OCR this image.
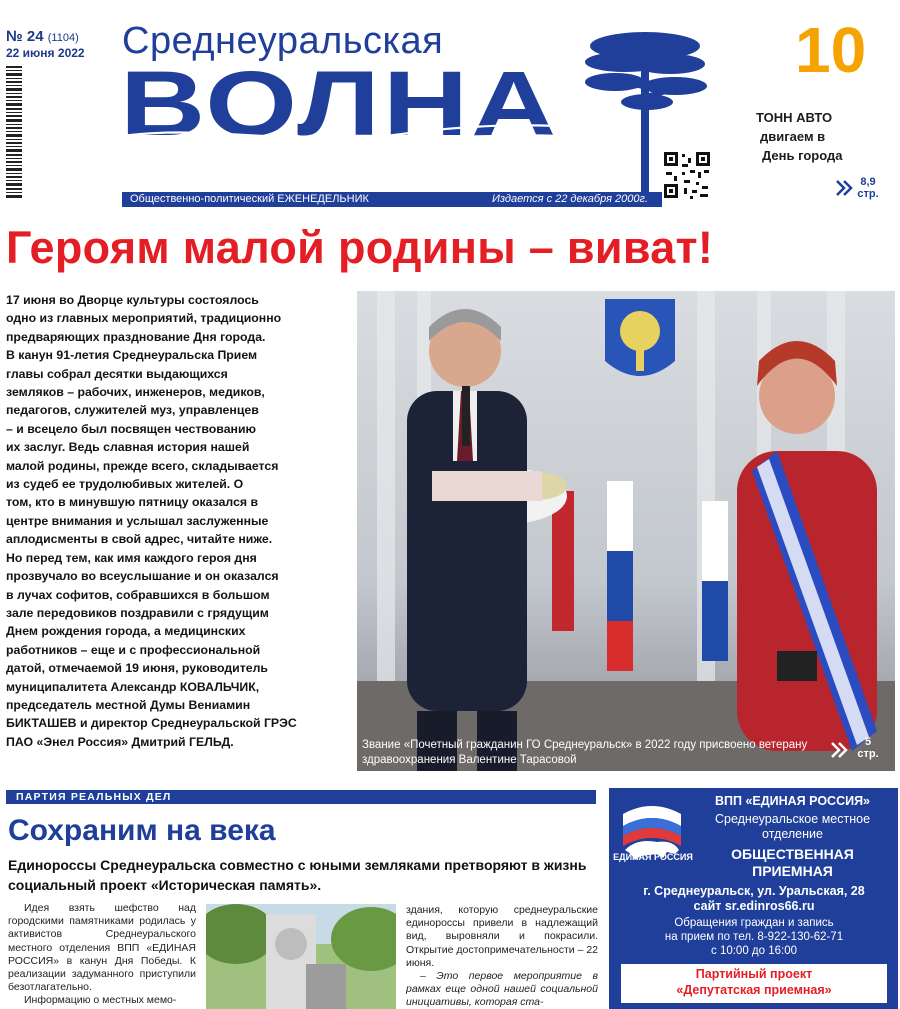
№ 24 (1104)
22 июня 2022 Среднеуральская
ВОЛНА
Общественно-политический ЕЖЕНЕДЕЛЬНИК	Издается с 22 декабря 2000г.
10
ТОНН АВТО
двигаем в
День города
8,9
стр.
Героям малой родины – виват!

17 июня во Дворце культуры состоялось
одно из главных мероприятий, традиционно
предваряющих празднование Дня города.
В канун 91-летия Среднеуральска Прием
главы собрал десятки выдающихся
земляков – рабочих, инженеров, медиков,
педагогов, служителей муз, управленцев
– и всецело был посвящен чествованию
их заслуг. Ведь славная история нашей
малой родины, прежде всего, складывается
из судеб ее трудолюбивых жителей. О
том, кто в минувшую пятницу оказался в
центре внимания и услышал заслуженные
аплодисменты в свой адрес, читайте ниже.
Но перед тем, как имя каждого героя дня
прозвучало во всеуслышание и он оказался
в лучах софитов, собравшихся в большом
зале передовиков поздравили с грядущим
Днем рождения города, а медицинских
работников – еще и с профессиональной
датой, отмечаемой 19 июня, руководитель
муниципалитета Александр КОВАЛЬЧИК,
председатель местной Думы Вениамин
БИКТАШЕВ и директор Среднеуральской ГРЭС
ПАО «Энел Россия» Дмитрий ГЕЛЬД.	Звание «Почетный гражданин ГО Среднеуральск» в 2022 году присвоено ветерану здравоохранения Валентине Тарасовой
5
стр.
ПАРТИЯ РЕАЛЬНЫХ ДЕЛ
Сохраним на века
Единороссы Среднеуральска совместно с юными земляками претворяют в жизнь социальный проект «Историческая память».

Идея взять шефство над городскими памятниками родилась у активистов Среднеуральского местного отделения ВПП «ЕДИНАЯ РОССИЯ» в канун Дня Победы. К реализации задуманного приступили безотлагательно.

Информацию о местных мемо-

здания, которую среднеуральские единороссы привели в надлежащий вид, выровняли и покрасили. Открытие достопримечательности – 22 июня.

– Это первое мероприятие в рамках еще одной нашей социальной инициативы, которая ста-

ЕДИНАЯ РОССИЯ
ВПП «ЕДИНАЯ РОССИЯ»
Среднеуральское местное отделение
ОБЩЕСТВЕННАЯ ПРИЕМНАЯ
г. Среднеуральск, ул. Уральская, 28
сайт sr.edinros66.ru
Обращения граждан и запись
на прием по тел. 8-922-130-62-71
с 10:00 до 16:00
Партийный проект
«Депутатская приемная»
